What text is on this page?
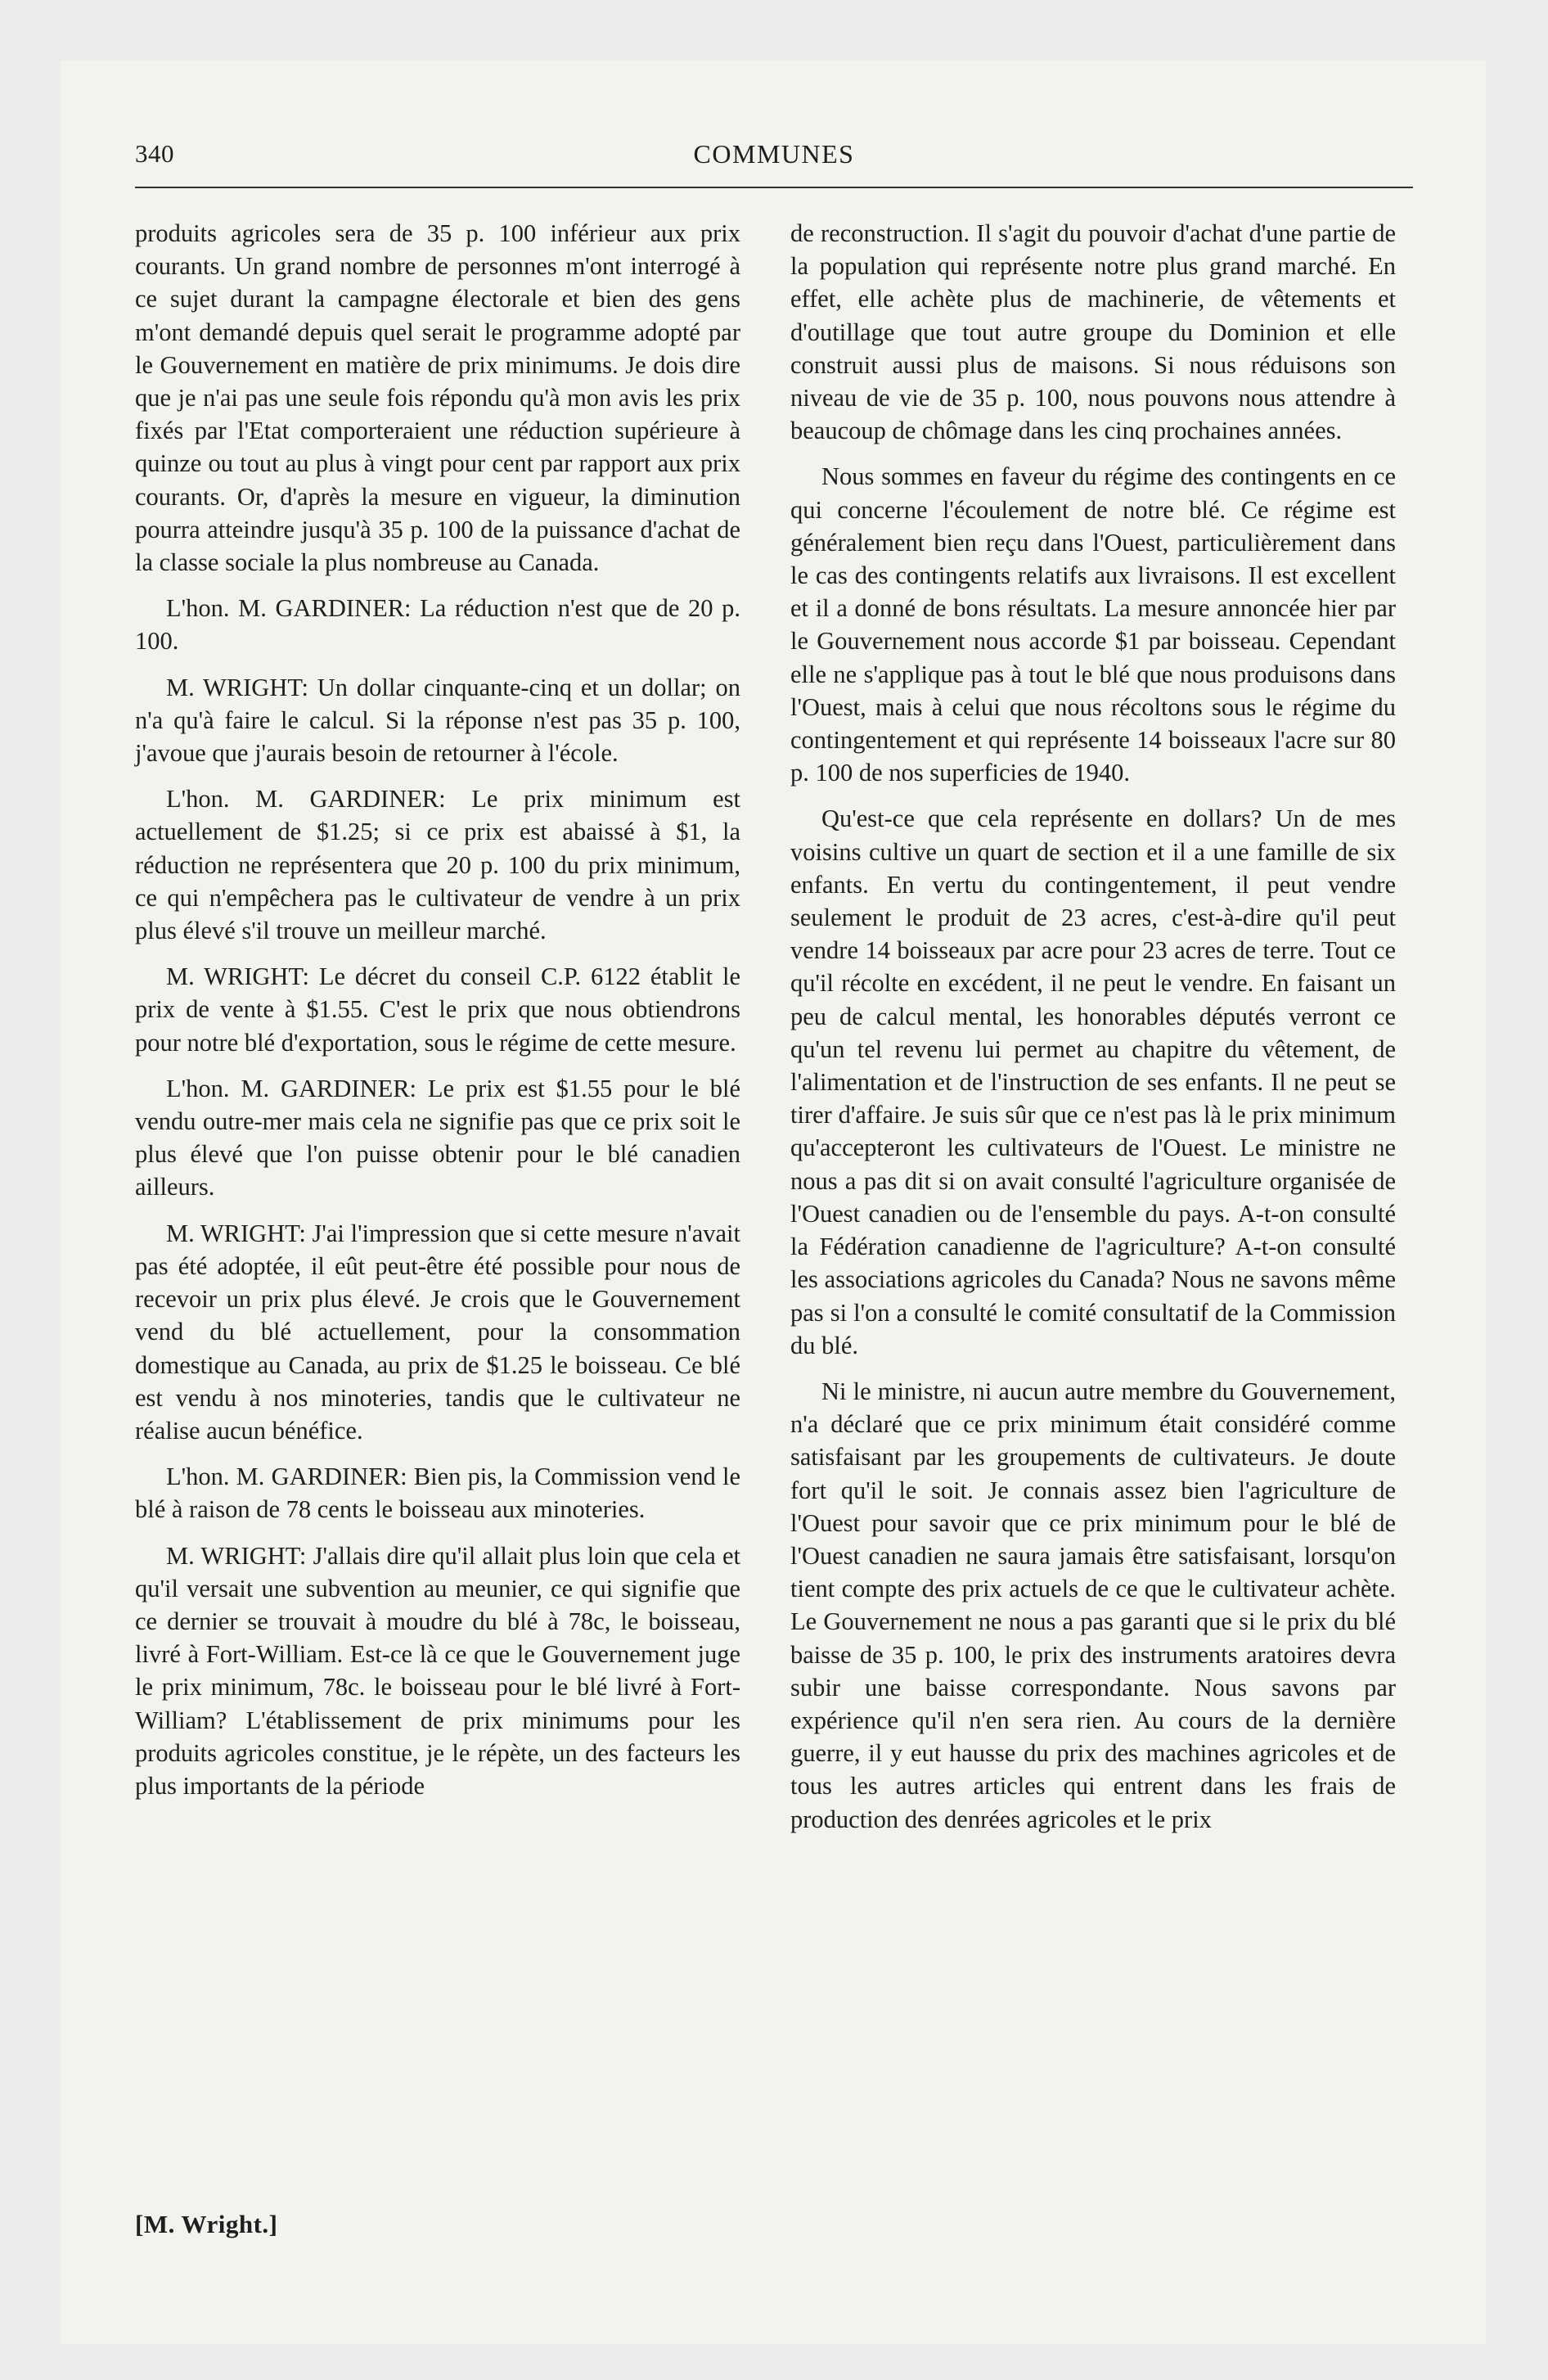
340	COMMUNES

produits agricoles sera de 35 p. 100 inférieur aux prix courants. Un grand nombre de personnes m'ont interrogé à ce sujet durant la campagne électorale et bien des gens m'ont demandé depuis quel serait le programme adopté par le Gouvernement en matière de prix minimums. Je dois dire que je n'ai pas une seule fois répondu qu'à mon avis les prix fixés par l'Etat comporteraient une réduction supérieure à quinze ou tout au plus à vingt pour cent par rapport aux prix courants. Or, d'après la mesure en vigueur, la diminution pourra atteindre jusqu'à 35 p. 100 de la puissance d'achat de la classe sociale la plus nombreuse au Canada.

L'hon. M. GARDINER: La réduction n'est que de 20 p. 100.

M. WRIGHT: Un dollar cinquante-cinq et un dollar; on n'a qu'à faire le calcul. Si la réponse n'est pas 35 p. 100, j'avoue que j'aurais besoin de retourner à l'école.

L'hon. M. GARDINER: Le prix minimum est actuellement de $1.25; si ce prix est abaissé à $1, la réduction ne représentera que 20 p. 100 du prix minimum, ce qui n'empêchera pas le cultivateur de vendre à un prix plus élevé s'il trouve un meilleur marché.

M. WRIGHT: Le décret du conseil C.P. 6122 établit le prix de vente à $1.55. C'est le prix que nous obtiendrons pour notre blé d'exportation, sous le régime de cette mesure.

L'hon. M. GARDINER: Le prix est $1.55 pour le blé vendu outre-mer mais cela ne signifie pas que ce prix soit le plus élevé que l'on puisse obtenir pour le blé canadien ailleurs.

M. WRIGHT: J'ai l'impression que si cette mesure n'avait pas été adoptée, il eût peut-être été possible pour nous de recevoir un prix plus élevé. Je crois que le Gouvernement vend du blé actuellement, pour la consommation domestique au Canada, au prix de $1.25 le boisseau. Ce blé est vendu à nos minoteries, tandis que le cultivateur ne réalise aucun bénéfice.

L'hon. M. GARDINER: Bien pis, la Commission vend le blé à raison de 78 cents le boisseau aux minoteries.

M. WRIGHT: J'allais dire qu'il allait plus loin que cela et qu'il versait une subvention au meunier, ce qui signifie que ce dernier se trouvait à moudre du blé à 78c, le boisseau, livré à Fort-William. Est-ce là ce que le Gouvernement juge le prix minimum, 78c. le boisseau pour le blé livré à Fort-William? L'établissement de prix minimums pour les produits agricoles constitue, je le répète, un des facteurs les plus importants de la période

de reconstruction. Il s'agit du pouvoir d'achat d'une partie de la population qui représente notre plus grand marché. En effet, elle achète plus de machinerie, de vêtements et d'outillage que tout autre groupe du Dominion et elle construit aussi plus de maisons. Si nous réduisons son niveau de vie de 35 p. 100, nous pouvons nous attendre à beaucoup de chômage dans les cinq prochaines années.

Nous sommes en faveur du régime des contingents en ce qui concerne l'écoulement de notre blé. Ce régime est généralement bien reçu dans l'Ouest, particulièrement dans le cas des contingents relatifs aux livraisons. Il est excellent et il a donné de bons résultats. La mesure annoncée hier par le Gouvernement nous accorde $1 par boisseau. Cependant elle ne s'applique pas à tout le blé que nous produisons dans l'Ouest, mais à celui que nous récoltons sous le régime du contingentement et qui représente 14 boisseaux l'acre sur 80 p. 100 de nos superficies de 1940.

Qu'est-ce que cela représente en dollars? Un de mes voisins cultive un quart de section et il a une famille de six enfants. En vertu du contingentement, il peut vendre seulement le produit de 23 acres, c'est-à-dire qu'il peut vendre 14 boisseaux par acre pour 23 acres de terre. Tout ce qu'il récolte en excédent, il ne peut le vendre. En faisant un peu de calcul mental, les honorables députés verront ce qu'un tel revenu lui permet au chapitre du vêtement, de l'alimentation et de l'instruction de ses enfants. Il ne peut se tirer d'affaire. Je suis sûr que ce n'est pas là le prix minimum qu'accepteront les cultivateurs de l'Ouest. Le ministre ne nous a pas dit si on avait consulté l'agriculture organisée de l'Ouest canadien ou de l'ensemble du pays. A-t-on consulté la Fédération canadienne de l'agriculture? A-t-on consulté les associations agricoles du Canada? Nous ne savons même pas si l'on a consulté le comité consultatif de la Commission du blé.

Ni le ministre, ni aucun autre membre du Gouvernement, n'a déclaré que ce prix minimum était considéré comme satisfaisant par les groupements de cultivateurs. Je doute fort qu'il le soit. Je connais assez bien l'agriculture de l'Ouest pour savoir que ce prix minimum pour le blé de l'Ouest canadien ne saura jamais être satisfaisant, lorsqu'on tient compte des prix actuels de ce que le cultivateur achète. Le Gouvernement ne nous a pas garanti que si le prix du blé baisse de 35 p. 100, le prix des instruments aratoires devra subir une baisse correspondante. Nous savons par expérience qu'il n'en sera rien. Au cours de la dernière guerre, il y eut hausse du prix des machines agricoles et de tous les autres articles qui entrent dans les frais de production des denrées agricoles et le prix

[M. Wright.]
